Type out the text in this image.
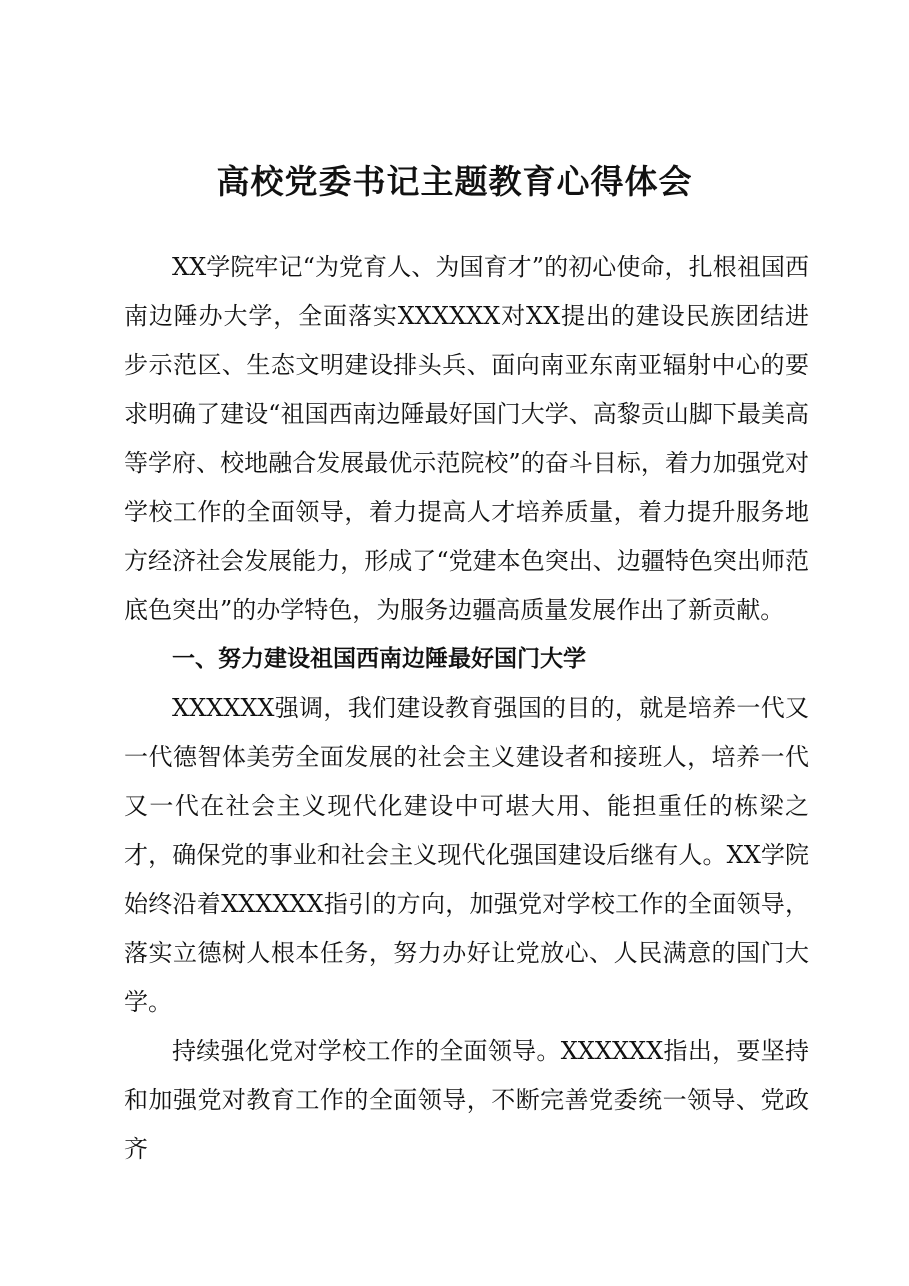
高校党委书记主题教育心得体会

XX学院牢记“为党育人、为国育才”的初心使命，扎根祖国西南边陲办大学，全面落实XXXXXX对XX提出的建设民族团结进步示范区、生态文明建设排头兵、面向南亚东南亚辐射中心的要求明确了建设“祖国西南边陲最好国门大学、高黎贡山脚下最美高等学府、校地融合发展最优示范院校”的奋斗目标，着力加强党对学校工作的全面领导，着力提高人才培养质量，着力提升服务地方经济社会发展能力，形成了“党建本色突出、边疆特色突出师范底色突出”的办学特色，为服务边疆高质量发展作出了新贡献。

一、努力建设祖国西南边陲最好国门大学

XXXXXX强调，我们建设教育强国的目的，就是培养一代又一代德智体美劳全面发展的社会主义建设者和接班人，培养一代又一代在社会主义现代化建设中可堪大用、能担重任的栋梁之才，确保党的事业和社会主义现代化强国建设后继有人。XX学院始终沿着XXXXXX指引的方向，加强党对学校工作的全面领导，落实立德树人根本任务，努力办好让党放心、人民满意的国门大学。

持续强化党对学校工作的全面领导。XXXXXX指出，要坚持和加强党对教育工作的全面领导，不断完善党委统一领导、党政齐
